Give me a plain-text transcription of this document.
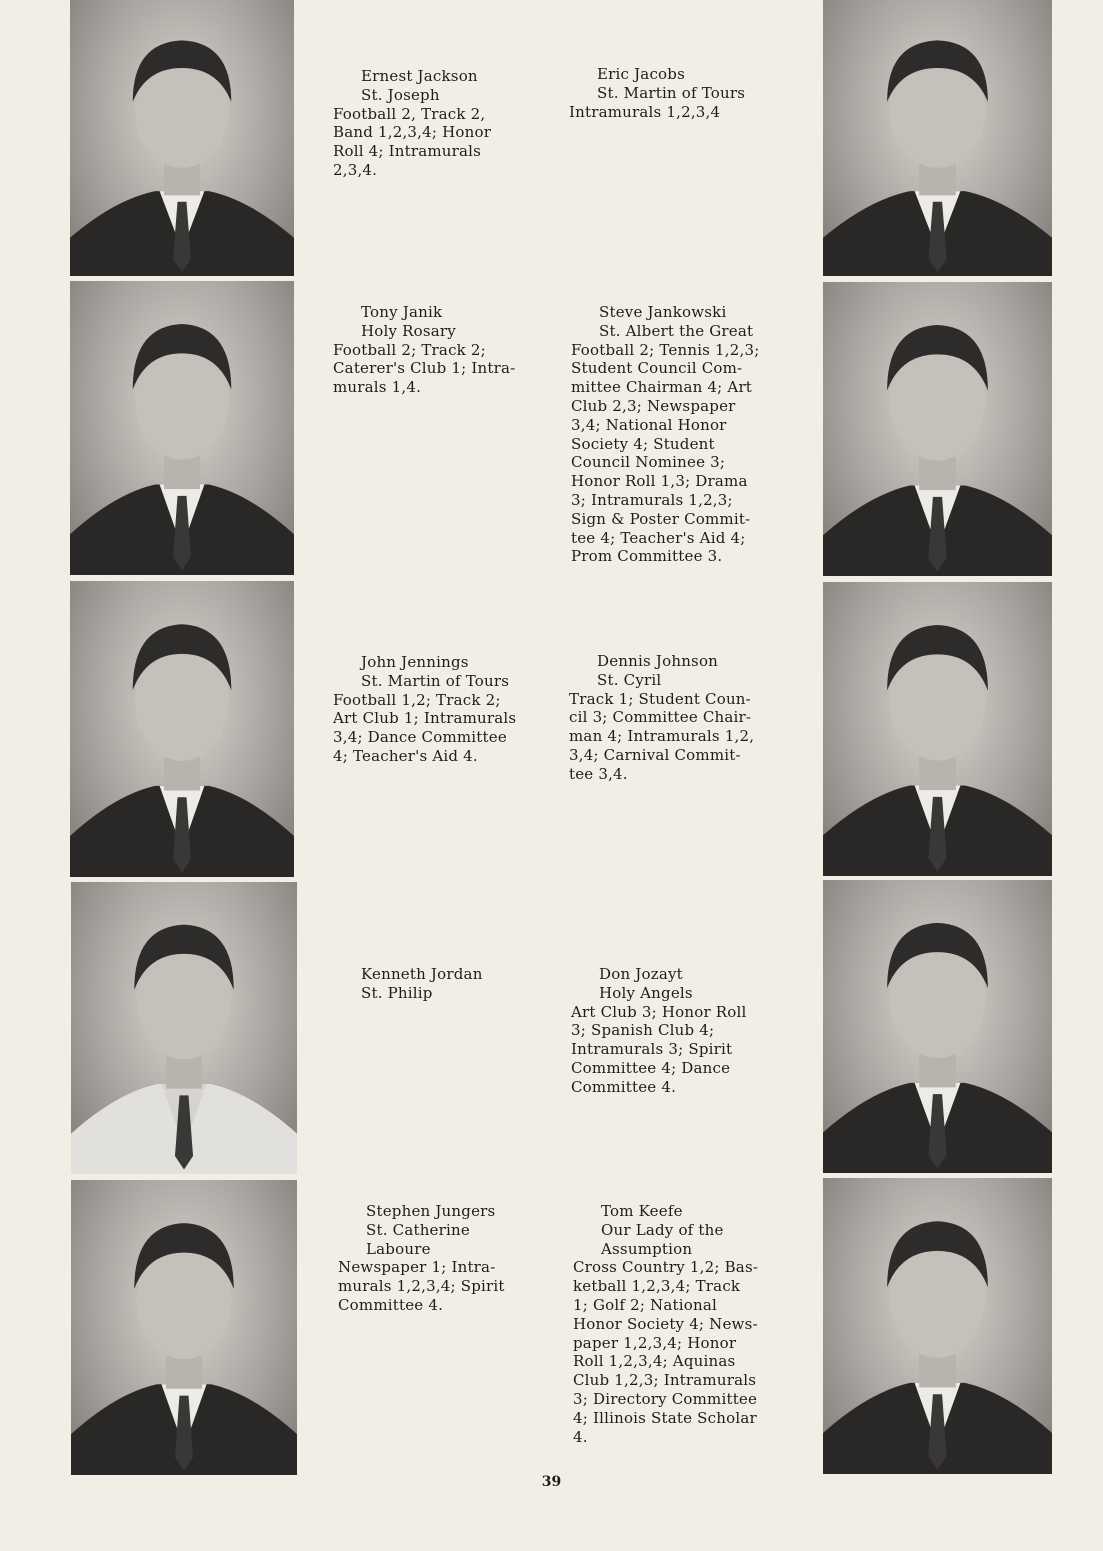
Ernest Jackson
St. Joseph
Football 2, Track 2,
Band 1,2,3,4; Honor
Roll 4; Intramurals
2,3,4.
Eric Jacobs
St. Martin of Tours
Intramurals 1,2,3,4
Tony Janik
Holy Rosary
Football 2; Track 2;
Caterer's Club 1; Intra-
murals 1,4.
Steve Jankowski
St. Albert the Great
Football 2; Tennis 1,2,3;
Student Council Com-
mittee Chairman 4; Art
Club 2,3; Newspaper
3,4; National Honor
Society 4; Student
Council Nominee 3;
Honor Roll 1,3; Drama
3; Intramurals 1,2,3;
Sign & Poster Commit-
tee 4; Teacher's Aid 4;
Prom Committee 3.
John Jennings
St. Martin of Tours
Football 1,2; Track 2;
Art Club 1; Intramurals
3,4; Dance Committee
4; Teacher's Aid 4.
Dennis Johnson
St. Cyril
Track 1; Student Coun-
cil 3; Committee Chair-
man 4; Intramurals 1,2,
3,4; Carnival Commit-
tee 3,4.
Kenneth Jordan
St. Philip
Don Jozayt
Holy Angels
Art Club 3; Honor Roll
3; Spanish Club 4;
Intramurals 3; Spirit
Committee 4; Dance
Committee 4.
Stephen Jungers
St. Catherine
Laboure
Newspaper 1; Intra-
murals 1,2,3,4; Spirit
Committee 4.
Tom Keefe
Our Lady of the
Assumption
Cross Country 1,2; Bas-
ketball 1,2,3,4; Track
1; Golf 2; National
Honor Society 4; News-
paper 1,2,3,4; Honor
Roll 1,2,3,4; Aquinas
Club 1,2,3; Intramurals
3; Directory Committee
4; Illinois State Scholar
4.
39
